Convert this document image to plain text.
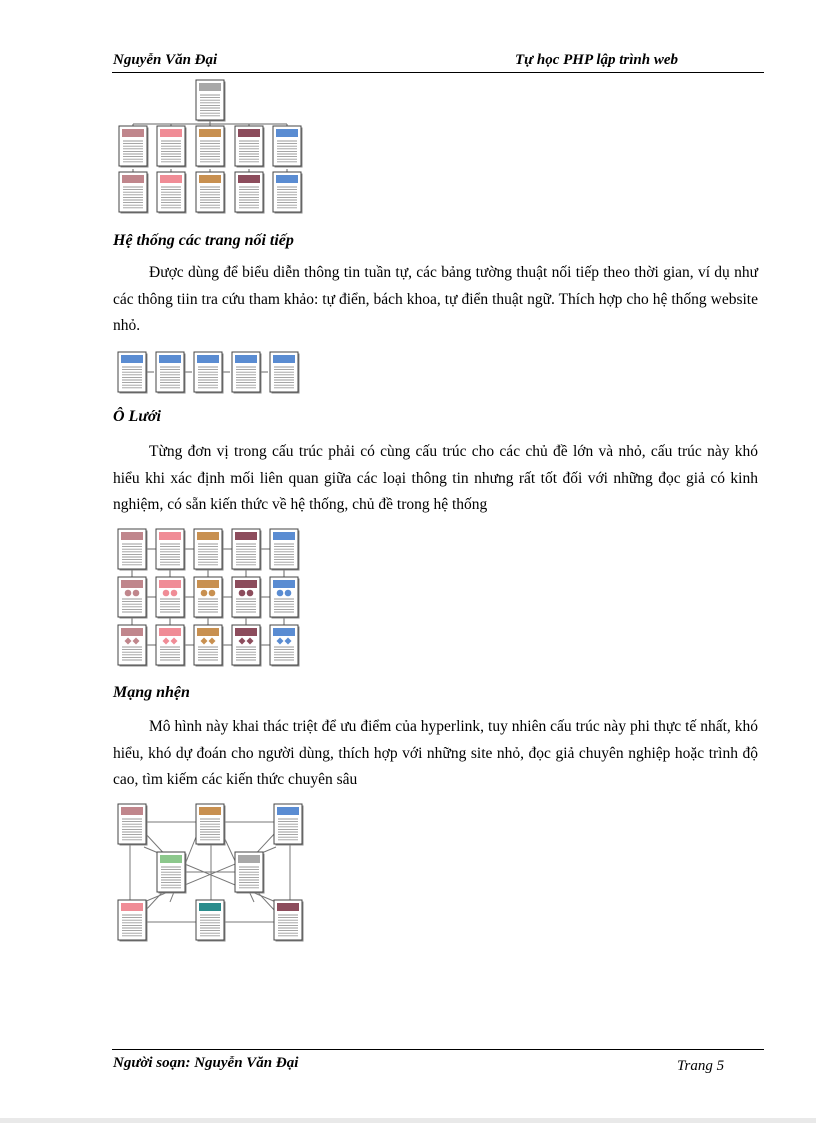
Nguyễn Văn Đại	Tự học PHP lập trình web
Hệ thống các trang nối tiếp
Được dùng để biểu diễn thông tin tuần tự, các bảng tường thuật nối tiếp theo thời gian, ví dụ như các thông tiin tra cứu tham khảo: tự điển, bách khoa, tự điển thuật ngữ. Thích hợp cho hệ thống website nhỏ.
Ô Lưới
Từng đơn vị trong cấu trúc phải có cùng cấu trúc cho các chủ đề lớn và nhỏ, cấu trúc này khó hiểu khi xác định mối liên quan giữa các loại thông tin nhưng rất tốt đối với những đọc giả có kinh nghiệm, có sẵn kiến thức về hệ thống, chủ đề trong hệ thống
Mạng nhện
Mô hình này khai thác triệt để ưu điểm của hyperlink, tuy nhiên cấu trúc này phi thực tế nhất, khó hiểu, khó dự đoán cho người dùng, thích hợp với những site nhỏ, đọc giả chuyên nghiệp hoặc trình độ cao, tìm kiếm các kiến thức chuyên sâu
Người soạn: Nguyễn Văn Đại	Trang 5
